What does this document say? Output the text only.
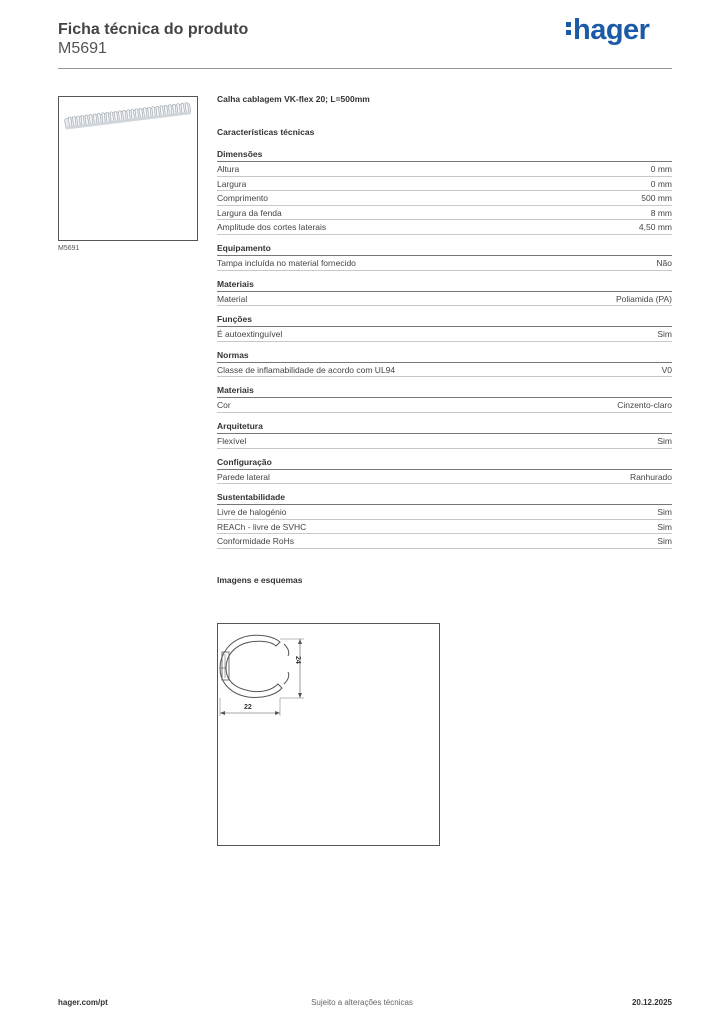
Ficha técnica do produto
M5691
hager
M5691
Calha cablagem VK-flex 20; L=500mm
Características técnicas
Dimensões
Altura	0 mm
Largura	0 mm
Comprimento	500 mm
Largura da fenda	8 mm
Amplitude dos cortes laterais	4,50 mm
Equipamento
Tampa incluída no material fornecido	Não
Materiais
Material	Poliamida (PA)
Funções
É autoextinguível	Sim
Normas
Classe de inflamabilidade de acordo com UL94	V0
Materiais
Cor	Cinzento-claro
Arquitetura
Flexível	Sim
Configuração
Parede lateral	Ranhurado
Sustentabilidade
Livre de halogénio	Sim
REACh - livre de SVHC	Sim
Conformidade RoHs	Sim
Imagens e esquemas
24
22
Sujeito a alterações técnicas
hager.com/pt	20.12.2025
